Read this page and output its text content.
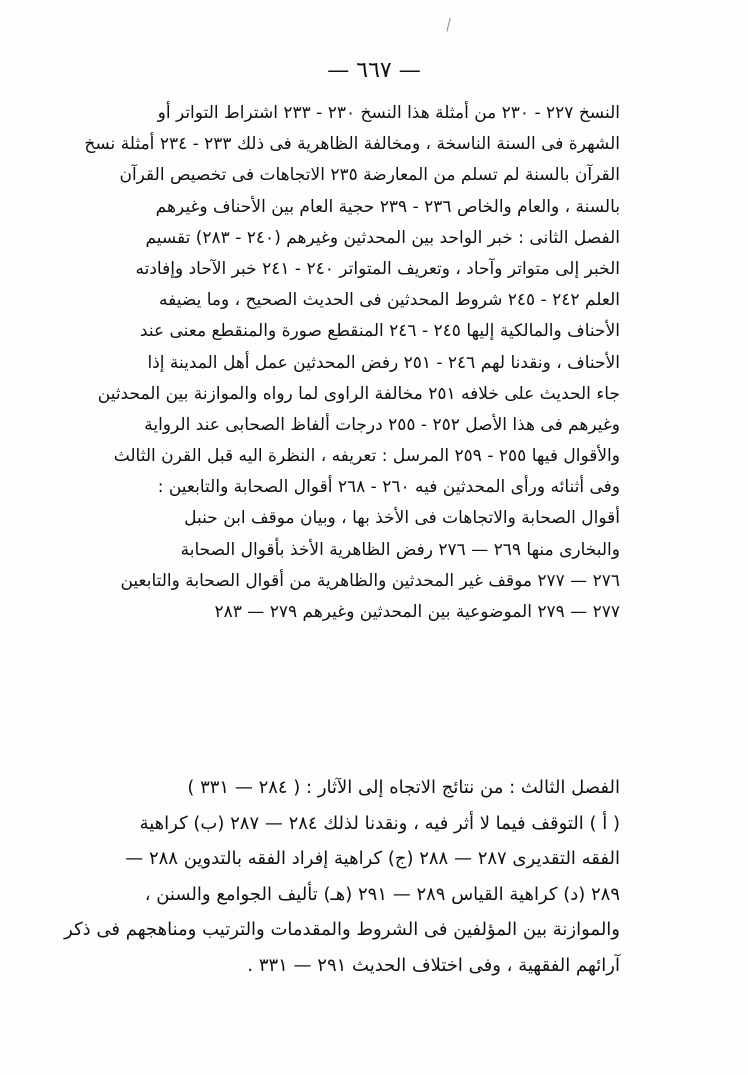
— ٦٦٧ —
النسخ ٢٢٧ - ٢٣٠ من أمثلة هذا النسخ ٢٣٠ - ٢٣٣ اشتراط التواتر أو
الشهرة فى السنة الناسخة ، ومخالفة الظاهرية فى ذلك ٢٣٣ - ٢٣٤ أمثلة نسخ
القرآن بالسنة لم تسلم من المعارضة ٢٣٥ الاتجاهات فى تخصيص القرآن
بالسنة ، والعام والخاص ٢٣٦ - ٢٣٩ حجية العام بين الأحناف وغيرهم
الفصل الثانى : خبر الواحد بين المحدثين وغيرهم (٢٤٠ - ٢٨٣) تقسيم
الخبر إلى متواتر وآحاد ، وتعريف المتواتر ٢٤٠ - ٢٤١ خبر الآحاد وإفادته
العلم ٢٤٢ - ٢٤٥ شروط المحدثين فى الحديث الصحيح ، وما يضيفه
الأحناف والمالكية إليها ٢٤٥ - ٢٤٦ المنقطع صورة والمنقطع معنى عند
الأحناف ، ونقدنا لهم ٢٤٦ - ٢٥١ رفض المحدثين عمل أهل المدينة إذا
جاء الحديث على خلافه ٢٥١ مخالفة الراوى لما رواه والموازنة بين المحدثين
وغيرهم فى هذا الأصل ٢٥٢ - ٢٥٥ درجات ألفاظ الصحابى عند الرواية
والأقوال فيها ٢٥٥ - ٢٥٩ المرسل : تعريفه ، النظرة اليه قبل القرن الثالث
وفى أثنائه ورأى المحدثين فيه ٢٦٠ - ٢٦٨ أقوال الصحابة والتابعين :
أقوال الصحابة والاتجاهات فى الأخذ بها ، وبيان موقف ابن حنبل
والبخارى منها ٢٦٩ — ٢٧٦ رفض الظاهرية الأخذ بأقوال الصحابة
٢٧٦ — ٢٧٧ موقف غير المحدثين والظاهرية من أقوال الصحابة والتابعين
٢٧٧ — ٢٧٩ الموضوعية بين المحدثين وغيرهم ٢٧٩ — ٢٨٣
الفصل الثالث : من نتائج الاتجاه إلى الآثار : ( ٢٨٤ — ٣٣١ )
( أ ) التوقف فيما لا أثر فيه ، ونقدنا لذلك ٢٨٤ — ٢٨٧ (ب) كراهية
الفقه التقديرى ٢٨٧ — ٢٨٨ (ج) كراهية إفراد الفقه بالتدوين ٢٨٨ —
٢٨٩ (د) كراهية القياس ٢٨٩ — ٢٩١ (هـ) تأليف الجوامع والسنن ،
والموازنة بين المؤلفين فى الشروط والمقدمات والترتيب ومناهجهم فى ذكر
آرائهم الفقهية ، وفى اختلاف الحديث ٢٩١ — ٣٣١ .
